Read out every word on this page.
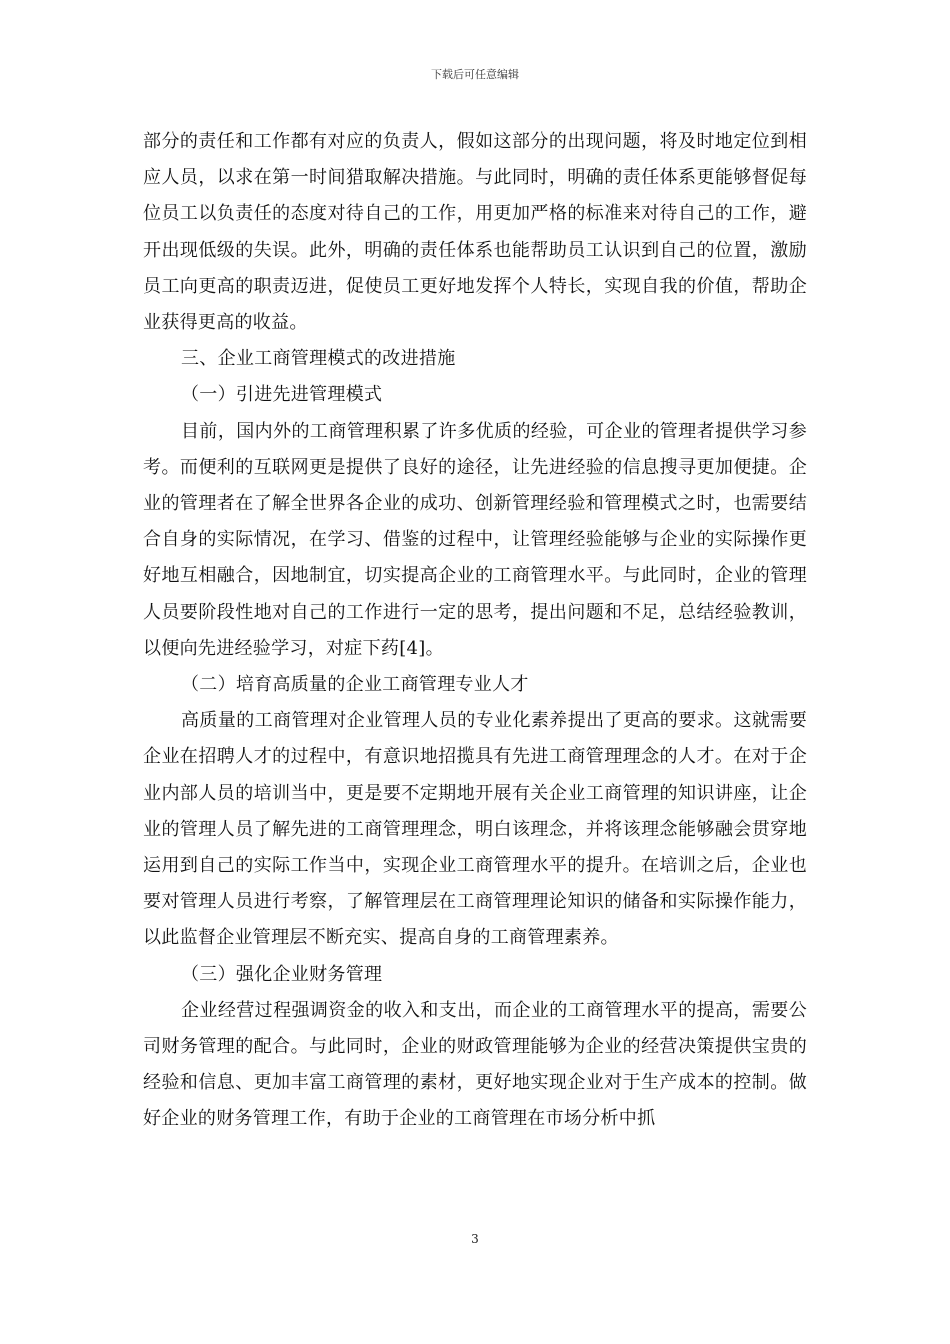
下载后可任意编辑

部分的责任和工作都有对应的负责人，假如这部分的出现问题，将及时地定位到相应人员，以求在第一时间猎取解决措施。与此同时，明确的责任体系更能够督促每位员工以负责任的态度对待自己的工作，用更加严格的标准来对待自己的工作，避开出现低级的失误。此外，明确的责任体系也能帮助员工认识到自己的位置，激励员工向更高的职责迈进，促使员工更好地发挥个人特长，实现自我的价值，帮助企业获得更高的收益。

三、企业工商管理模式的改进措施

（一）引进先进管理模式

目前，国内外的工商管理积累了许多优质的经验，可企业的管理者提供学习参考。而便利的互联网更是提供了良好的途径，让先进经验的信息搜寻更加便捷。企业的管理者在了解全世界各企业的成功、创新管理经验和管理模式之时，也需要结合自身的实际情况，在学习、借鉴的过程中，让管理经验能够与企业的实际操作更好地互相融合，因地制宜，切实提高企业的工商管理水平。与此同时，企业的管理人员要阶段性地对自己的工作进行一定的思考，提出问题和不足，总结经验教训，以便向先进经验学习，对症下药[4]。

（二）培育高质量的企业工商管理专业人才

高质量的工商管理对企业管理人员的专业化素养提出了更高的要求。这就需要企业在招聘人才的过程中，有意识地招揽具有先进工商管理理念的人才。在对于企业内部人员的培训当中，更是要不定期地开展有关企业工商管理的知识讲座，让企业的管理人员了解先进的工商管理理念，明白该理念，并将该理念能够融会贯穿地运用到自己的实际工作当中，实现企业工商管理水平的提升。在培训之后，企业也要对管理人员进行考察，了解管理层在工商管理理论知识的储备和实际操作能力，以此监督企业管理层不断充实、提高自身的工商管理素养。

（三）强化企业财务管理

企业经营过程强调资金的收入和支出，而企业的工商管理水平的提高，需要公司财务管理的配合。与此同时，企业的财政管理能够为企业的经营决策提供宝贵的经验和信息、更加丰富工商管理的素材，更好地实现企业对于生产成本的控制。做好企业的财务管理工作，有助于企业的工商管理在市场分析中抓

3
